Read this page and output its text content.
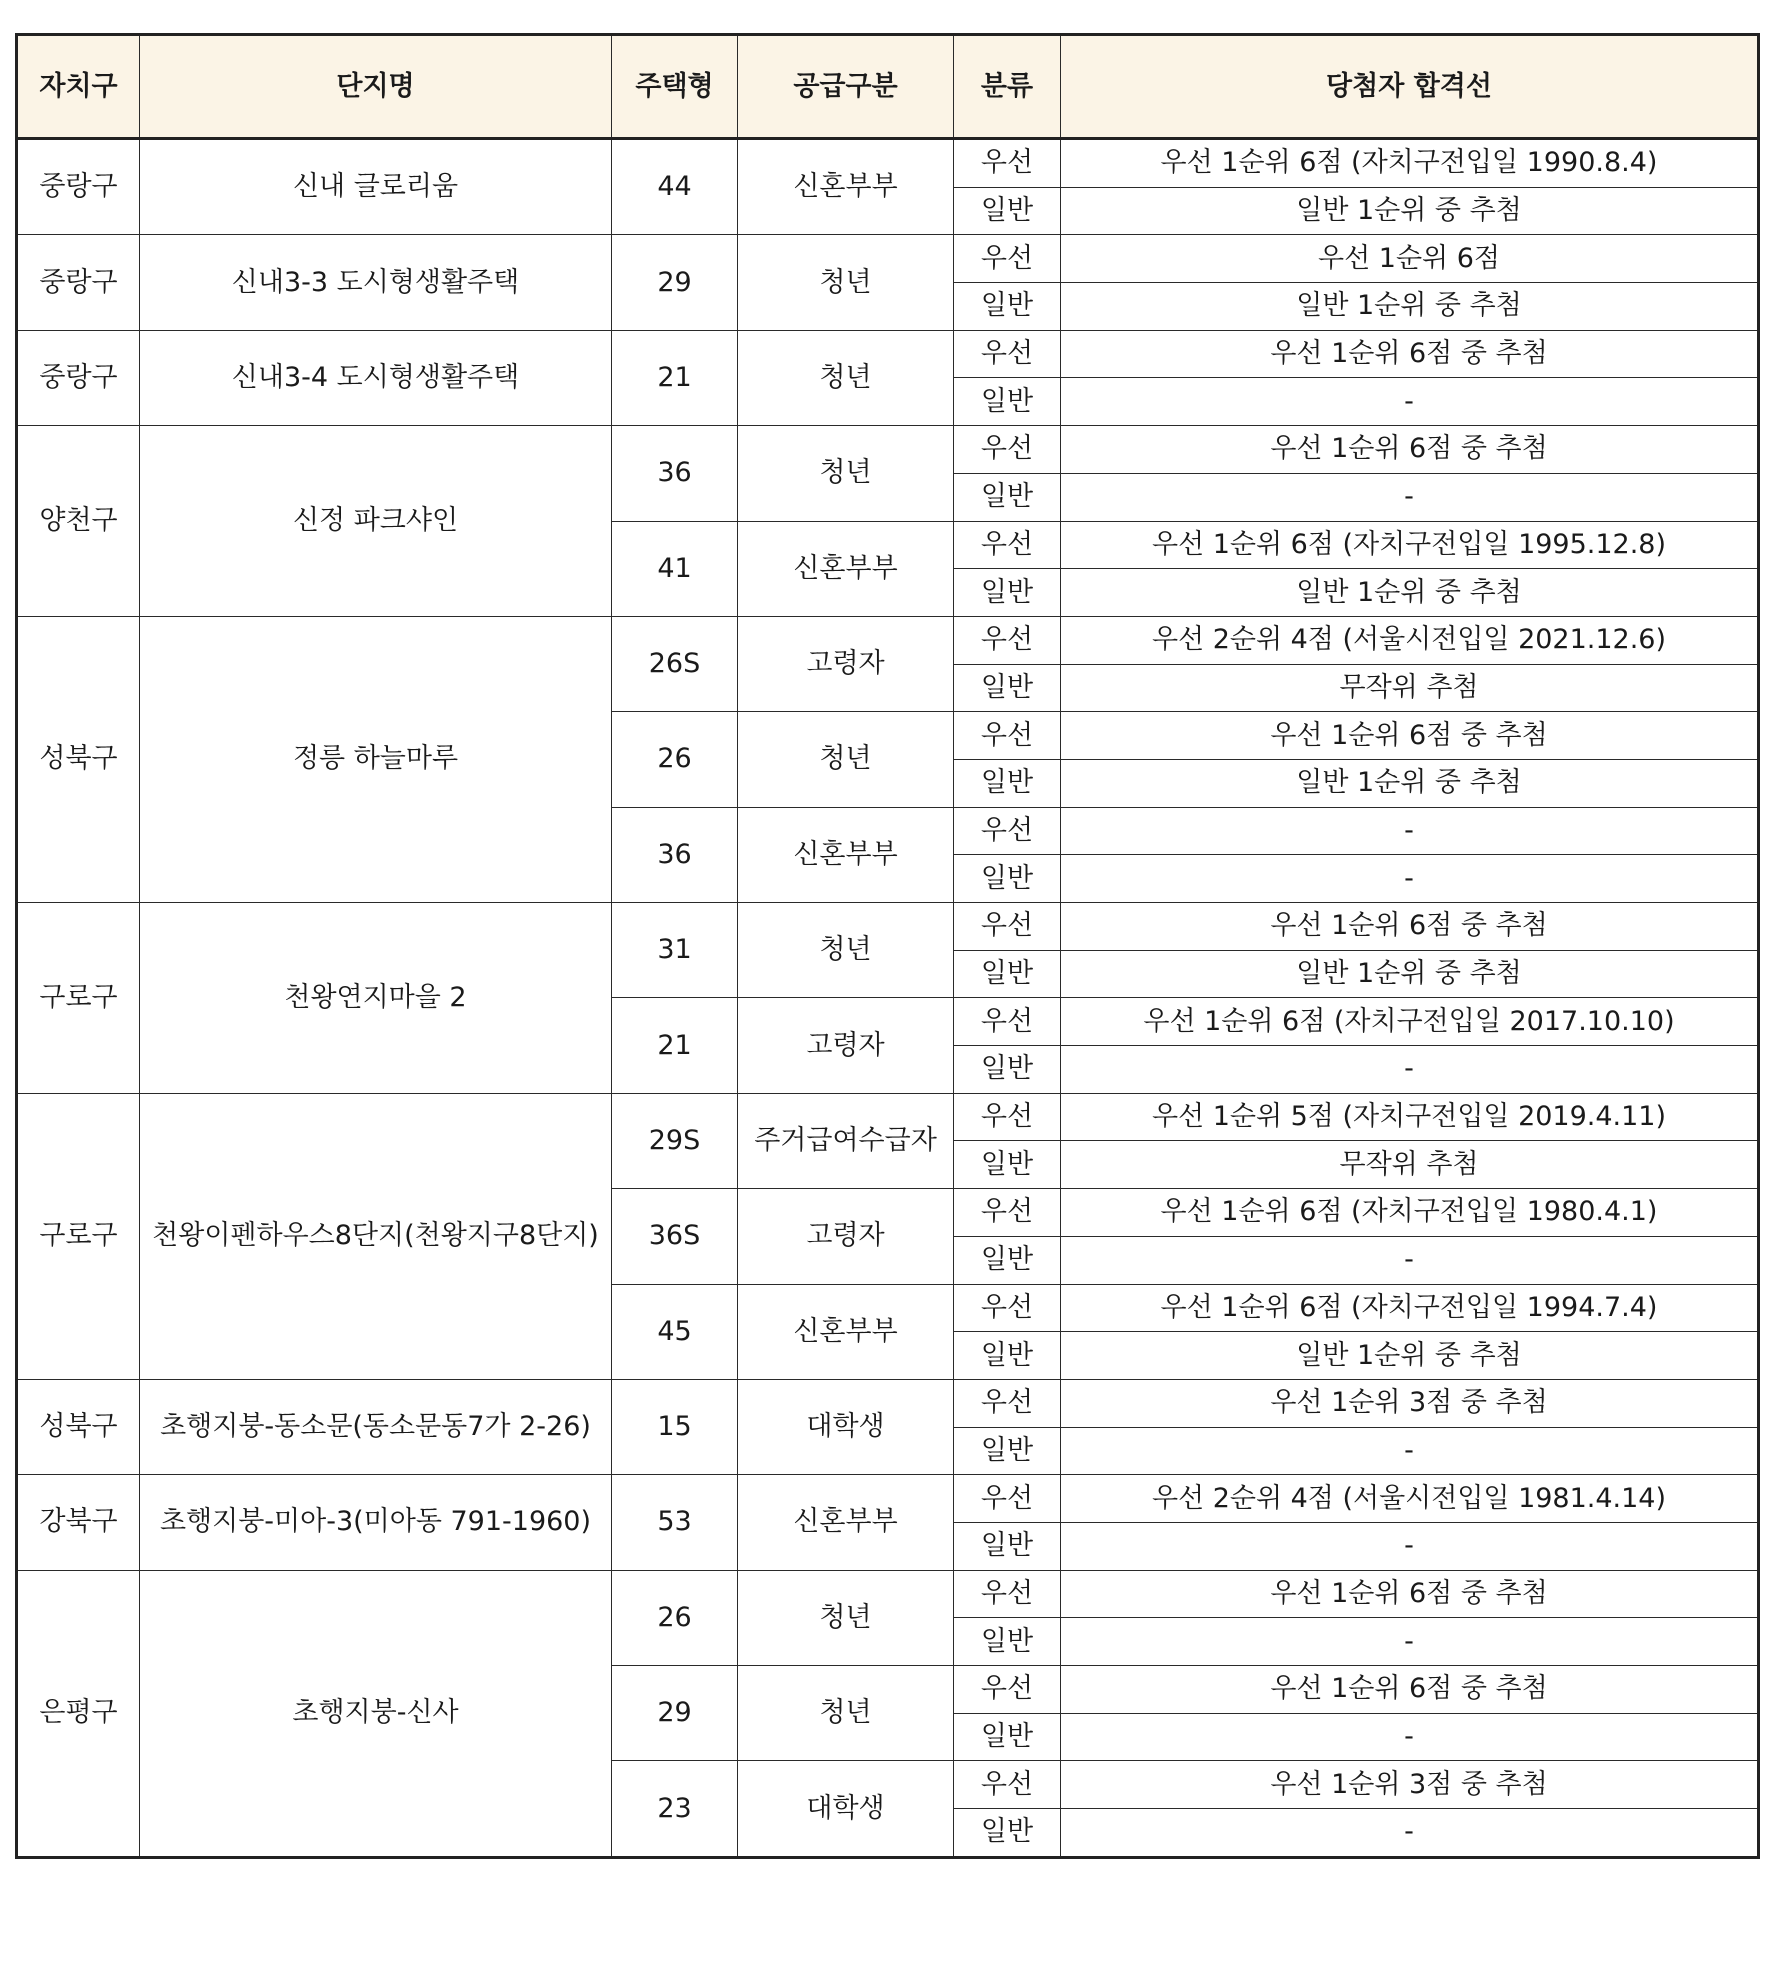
자치구	단지명	주택형	공급구분	분류	당첨자 합격선
중랑구	신내 글로리움	44	신혼부부	우선	우선 1순위 6점 (자치구전입일 1990.8.4)
				일반	일반 1순위 중 추첨
중랑구	신내3-3 도시형생활주택	29	청년	우선	우선 1순위 6점
				일반	일반 1순위 중 추첨
중랑구	신내3-4 도시형생활주택	21	청년	우선	우선 1순위 6점 중 추첨
				일반	-
양천구	신정 파크샤인	36	청년	우선	우선 1순위 6점 중 추첨
				일반	-
		41	신혼부부	우선	우선 1순위 6점 (자치구전입일 1995.12.8)
				일반	일반 1순위 중 추첨
성북구	정릉 하늘마루	26S	고령자	우선	우선 2순위 4점 (서울시전입일 2021.12.6)
				일반	무작위 추첨
		26	청년	우선	우선 1순위 6점 중 추첨
				일반	일반 1순위 중 추첨
		36	신혼부부	우선	-
				일반	-
구로구	천왕연지마을 2	31	청년	우선	우선 1순위 6점 중 추첨
				일반	일반 1순위 중 추첨
		21	고령자	우선	우선 1순위 6점 (자치구전입일 2017.10.10)
				일반	-
구로구	천왕이펜하우스8단지(천왕지구8단지)	29S	주거급여수급자	우선	우선 1순위 5점 (자치구전입일 2019.4.11)
				일반	무작위 추첨
		36S	고령자	우선	우선 1순위 6점 (자치구전입일 1980.4.1)
				일반	-
		45	신혼부부	우선	우선 1순위 6점 (자치구전입일 1994.7.4)
				일반	일반 1순위 중 추첨
성북구	초행지붕-동소문(동소문동7가 2-26)	15	대학생	우선	우선 1순위 3점 중 추첨
				일반	-
강북구	초행지붕-미아-3(미아동 791-1960)	53	신혼부부	우선	우선 2순위 4점 (서울시전입일 1981.4.14)
				일반	-
은평구	초행지붕-신사	26	청년	우선	우선 1순위 6점 중 추첨
				일반	-
		29	청년	우선	우선 1순위 6점 중 추첨
				일반	-
		23	대학생	우선	우선 1순위 3점 중 추첨
				일반	-
